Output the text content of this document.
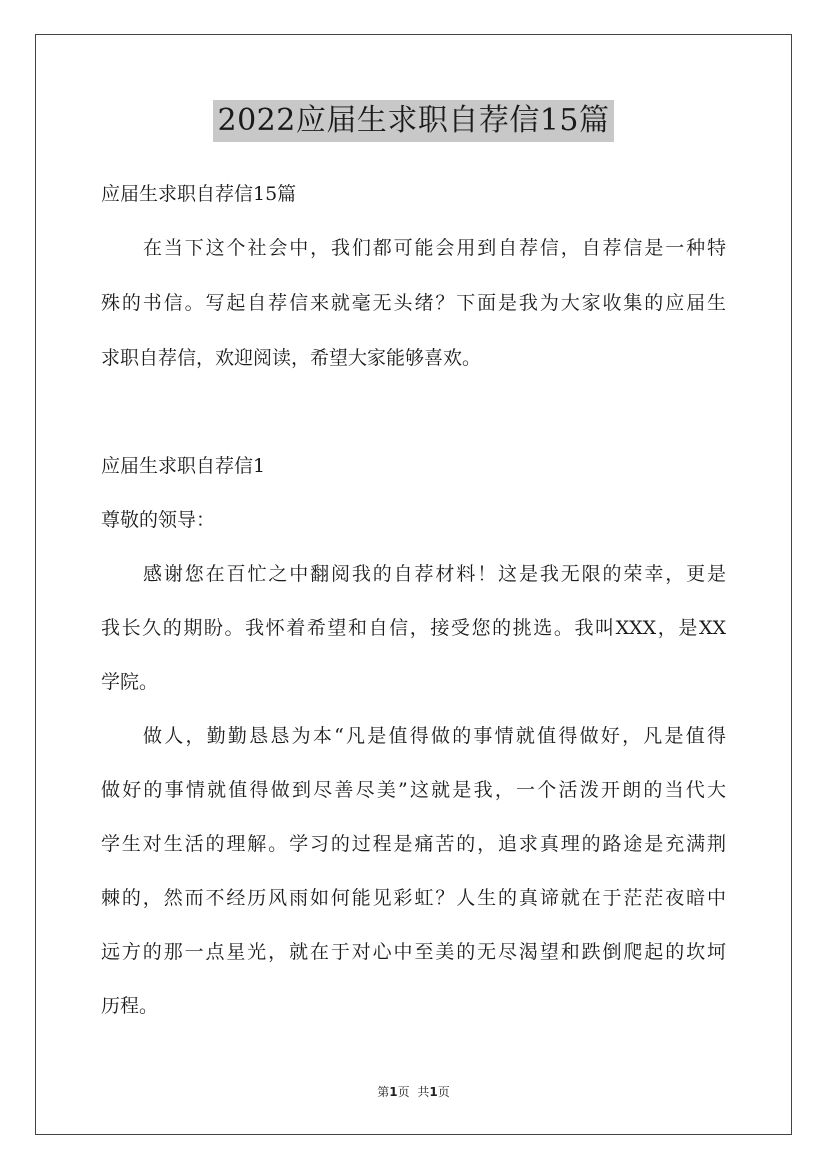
2022应届生求职自荐信15篇

应届生求职自荐信15篇

在当下这个社会中，我们都可能会用到自荐信，自荐信是一种特

殊的书信。写起自荐信来就毫无头绪？下面是我为大家收集的应届生

求职自荐信，欢迎阅读，希望大家能够喜欢。

应届生求职自荐信1

尊敬的领导：

感谢您在百忙之中翻阅我的自荐材料！这是我无限的荣幸，更是

我长久的期盼。我怀着希望和自信，接受您的挑选。我叫XXX，是XX

学院。

做人，勤勤恳恳为本“凡是值得做的事情就值得做好，凡是值得

做好的事情就值得做到尽善尽美”这就是我，一个活泼开朗的当代大

学生对生活的理解。学习的过程是痛苦的，追求真理的路途是充满荆

棘的，然而不经历风雨如何能见彩虹？人生的真谛就在于茫茫夜暗中

远方的那一点星光，就在于对心中至美的无尽渴望和跌倒爬起的坎坷

历程。

第1页 共1页
